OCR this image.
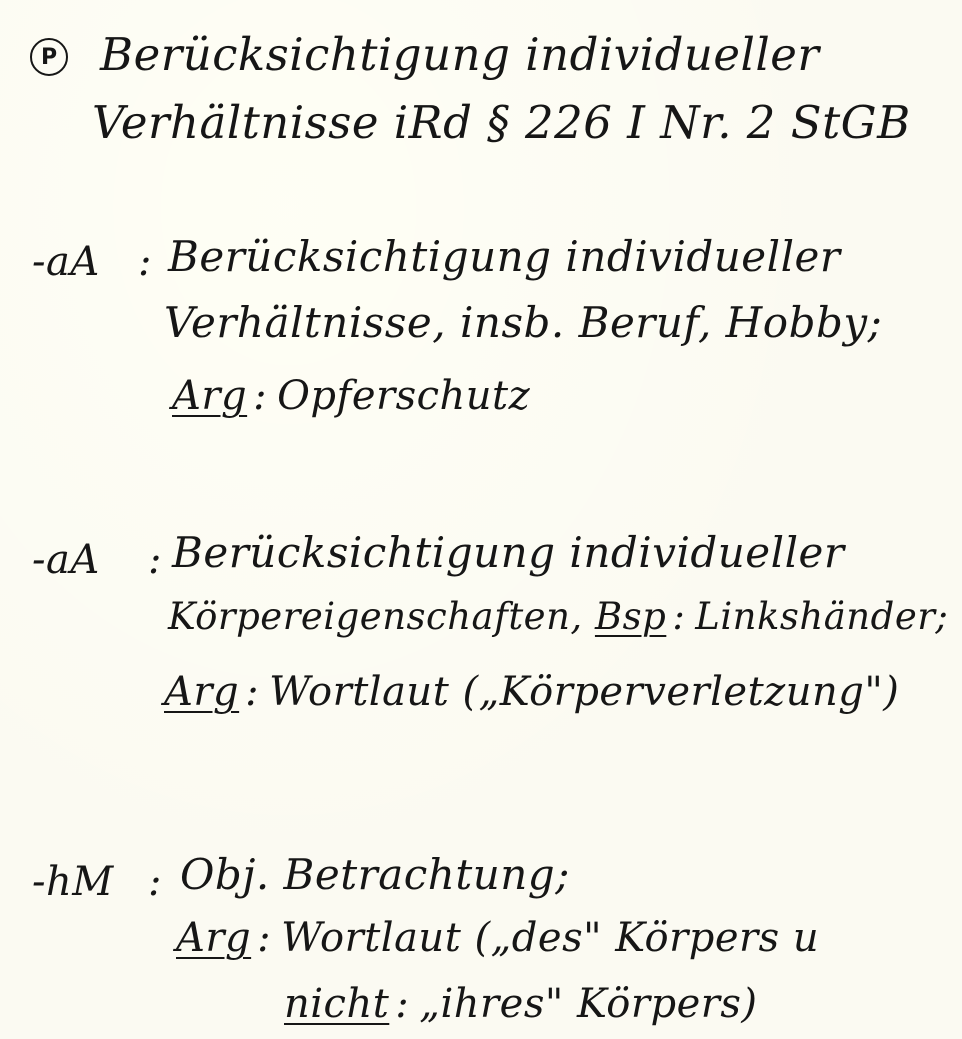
P Berücksichtigung individueller
Verhältnisse iRd § 226 I Nr. 2 StGB
-aA : Berücksichtigung individueller
Verhältnisse, insb. Beruf, Hobby;
Arg : Opferschutz
-aA : Berücksichtigung individueller
Körpereigenschaften, Bsp : Linkshänder;
Arg : Wortlaut („Körperverletzung")
-hM : Obj. Betrachtung;
Arg : Wortlaut („des" Körpers u
nicht : „ihres" Körpers)
